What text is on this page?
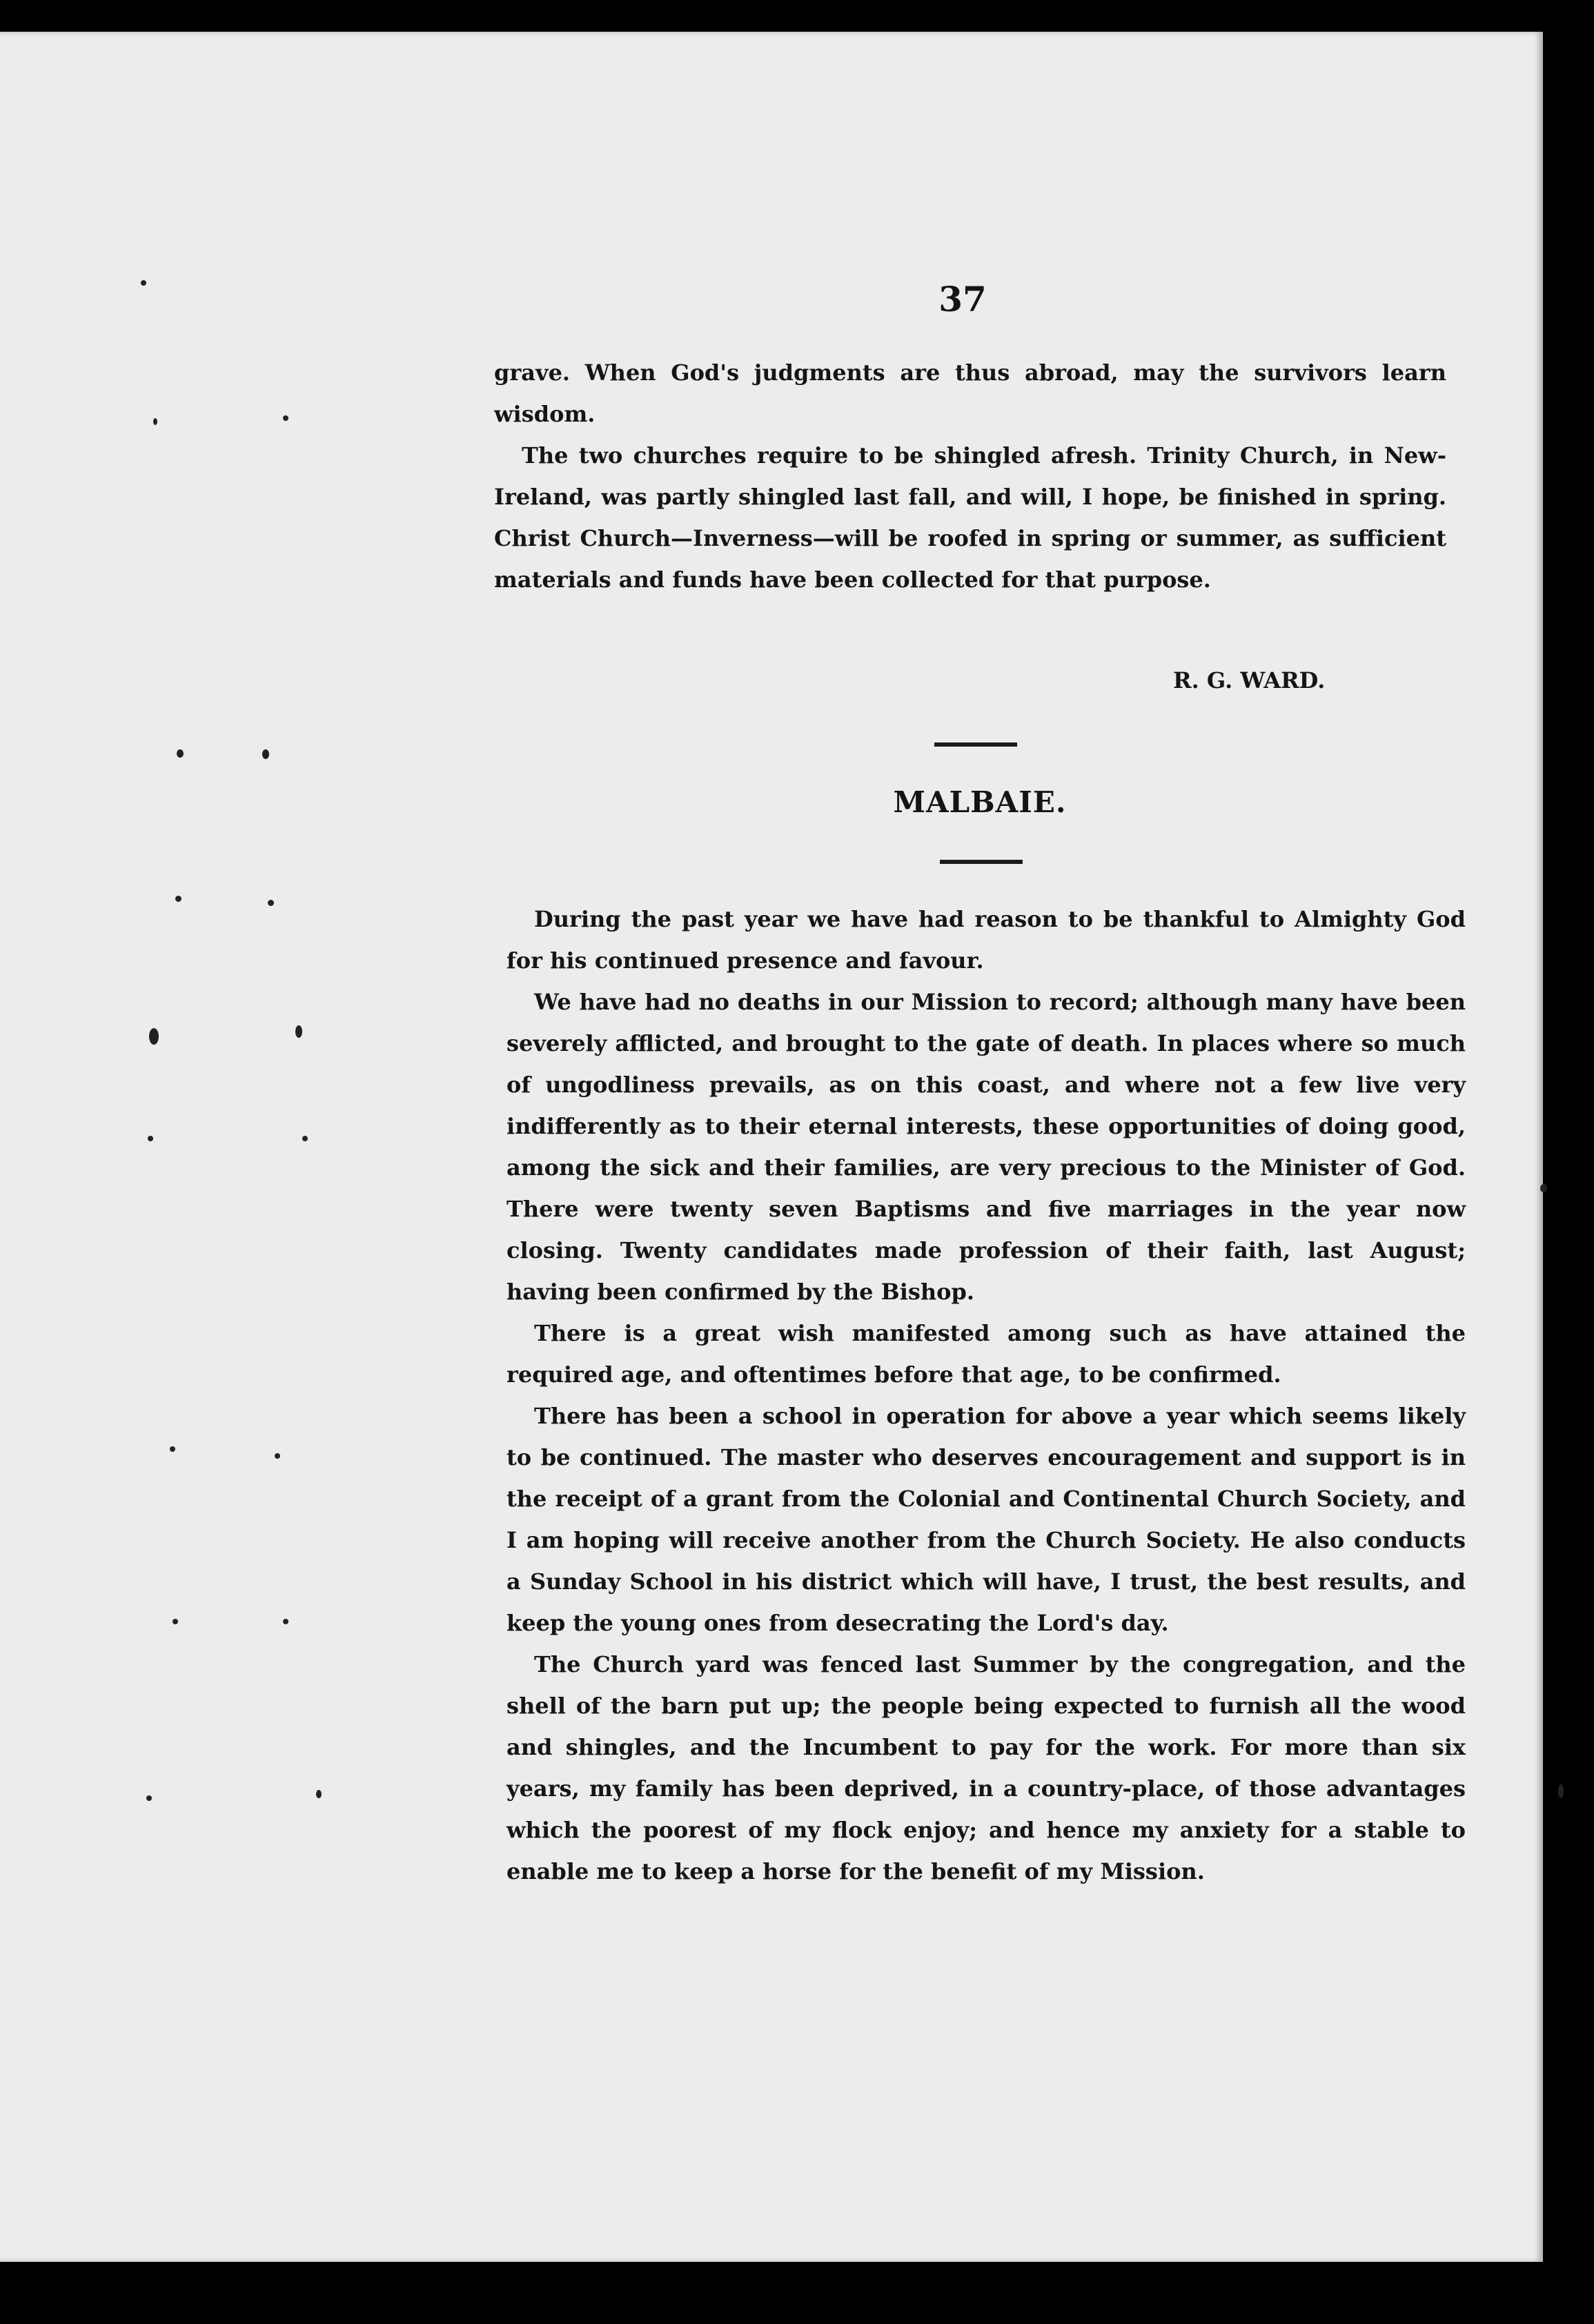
37

grave. When God's judgments are thus abroad, may the survivors learn wisdom.

The two churches require to be shingled afresh. Trinity Church, in New-Ireland, was partly shingled last fall, and will, I hope, be finished in spring. Christ Church—Inverness—will be roofed in spring or summer, as sufficient materials and funds have been collected for that purpose.

R. G. WARD.
MALBAIE.

During the past year we have had reason to be thankful to Almighty God for his continued presence and favour.

We have had no deaths in our Mission to record; although many have been severely afflicted, and brought to the gate of death. In places where so much of ungodliness prevails, as on this coast, and where not a few live very indifferently as to their eternal interests, these opportunities of doing good, among the sick and their families, are very precious to the Minister of God. There were twenty seven Baptisms and five marriages in the year now closing. Twenty candidates made profession of their faith, last August; having been confirmed by the Bishop.

There is a great wish manifested among such as have attained the required age, and oftentimes before that age, to be confirmed.

There has been a school in operation for above a year which seems likely to be continued. The master who deserves encouragement and support is in the receipt of a grant from the Colonial and Continental Church Society, and I am hoping will receive another from the Church Society. He also conducts a Sunday School in his district which will have, I trust, the best results, and keep the young ones from desecrating the Lord's day.

The Church yard was fenced last Summer by the congregation, and the shell of the barn put up; the people being expected to furnish all the wood and shingles, and the Incumbent to pay for the work. For more than six years, my family has been deprived, in a country-place, of those advantages which the poorest of my flock enjoy; and hence my anxiety for a stable to enable me to keep a horse for the benefit of my Mission.
